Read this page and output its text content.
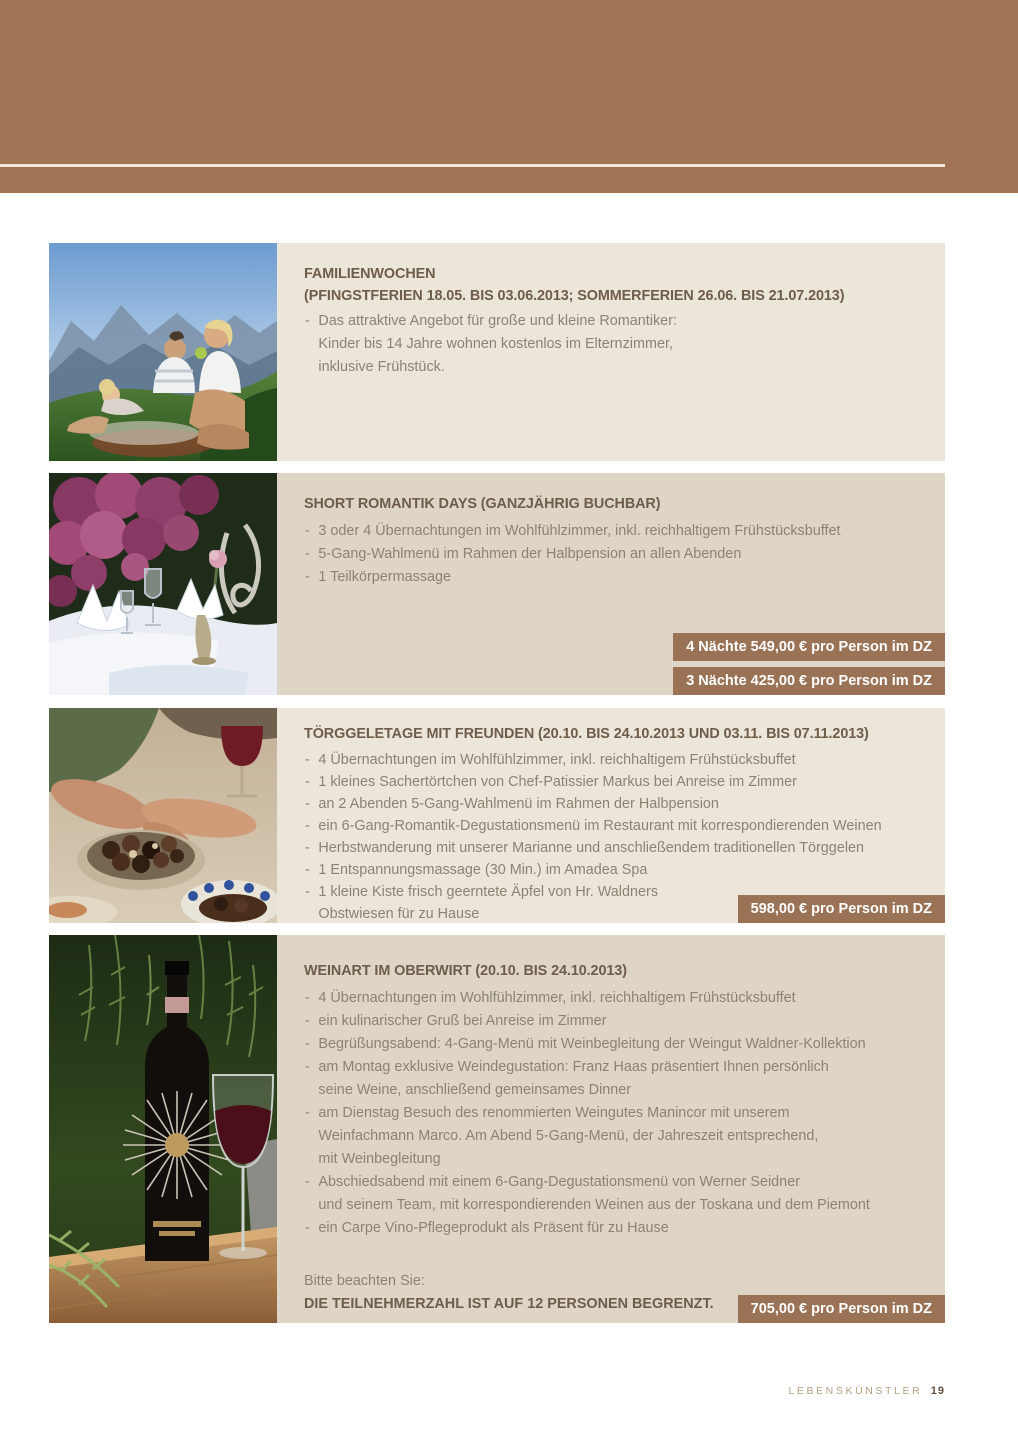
FAMILIENWOCHEN
(PFINGSTFERIEN 18.05. BIS 03.06.2013; SOMMERFERIEN 26.06. BIS 21.07.2013)
- Das attraktive Angebot für große und kleine Romantiker:
Kinder bis 14 Jahre wohnen kostenlos im Elternzimmer,
inklusive Frühstück.
SHORT ROMANTIK DAYS (GANZJÄHRIG BUCHBAR)
- 3 oder 4 Übernachtungen im Wohlfühlzimmer, inkl. reichhaltigem Frühstücksbuffet
- 5-Gang-Wahlmenü im Rahmen der Halbpension an allen Abenden
- 1 Teilkörpermassage
4 Nächte 549,00 € pro Person im DZ
3 Nächte 425,00 € pro Person im DZ
TÖRGGELETAGE MIT FREUNDEN (20.10. BIS 24.10.2013 UND 03.11. BIS 07.11.2013)
- 4 Übernachtungen im Wohlfühlzimmer, inkl. reichhaltigem Frühstücksbuffet
- 1 kleines Sachertörtchen von Chef-Patissier Markus bei Anreise im Zimmer
- an 2 Abenden 5-Gang-Wahlmenü im Rahmen der Halbpension
- ein 6-Gang-Romantik-Degustationsmenü im Restaurant mit korrespondierenden Weinen
- Herbstwanderung mit unserer Marianne und anschließendem traditionellen Törggelen
- 1 Entspannungsmassage (30 Min.) im Amadea Spa
- 1 kleine Kiste frisch geerntete Äpfel von Hr. Waldners
Obstwiesen für zu Hause	598,00 € pro Person im DZ
WEINART IM OBERWIRT (20.10. BIS 24.10.2013)
- 4 Übernachtungen im Wohlfühlzimmer, inkl. reichhaltigem Frühstücksbuffet
- ein kulinarischer Gruß bei Anreise im Zimmer
- Begrüßungsabend: 4-Gang-Menü mit Weinbegleitung der Weingut Waldner-Kollektion
- am Montag exklusive Weindegustation: Franz Haas präsentiert Ihnen persönlich
seine Weine, anschließend gemeinsames Dinner
- am Dienstag Besuch des renommierten Weingutes Manincor mit unserem
Weinfachmann Marco. Am Abend 5-Gang-Menü, der Jahreszeit entsprechend,
mit Weinbegleitung
- Abschiedsabend mit einem 6-Gang-Degustationsmenü von Werner Seidner
und seinem Team, mit korrespondierenden Weinen aus der Toskana und dem Piemont
- ein Carpe Vino-Pflegeprodukt als Präsent für zu Hause
Bitte beachten Sie:
DIE TEILNEHMERZAHL IST AUF 12 PERSONEN BEGRENZT.	705,00 € pro Person im DZ
LEBENSKÜNSTLER 19
